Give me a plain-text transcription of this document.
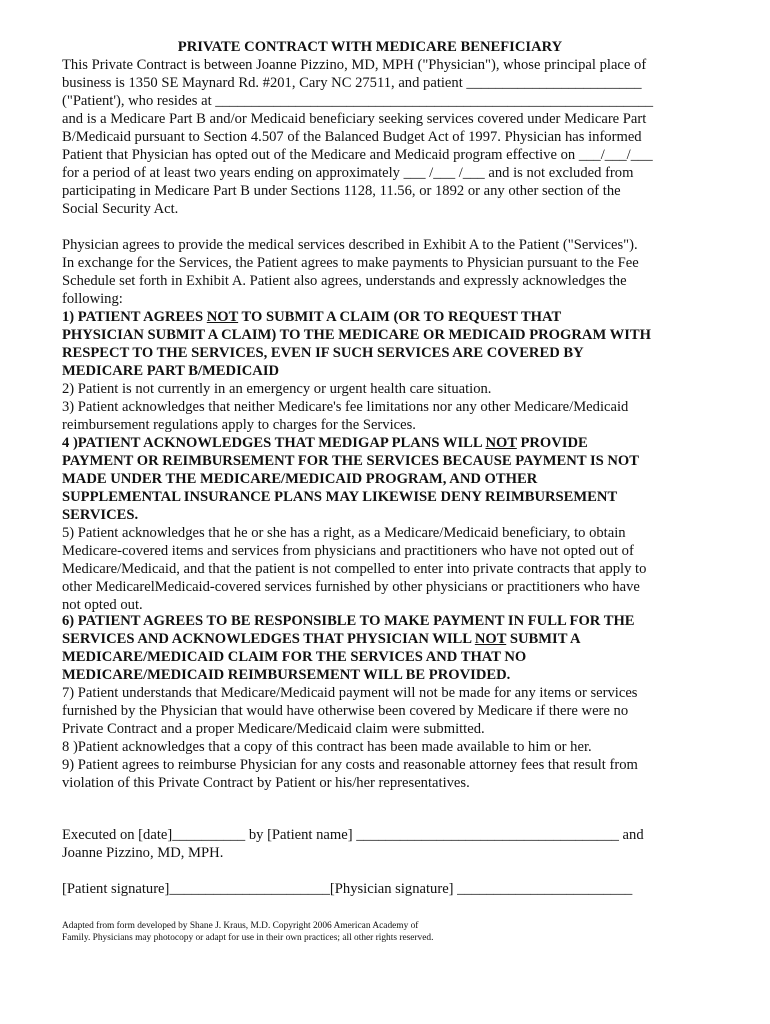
PRIVATE CONTRACT WITH MEDICARE BENEFICIARY
This Private Contract is between Joanne Pizzino, MD, MPH ("Physician"), whose principal place of
business is 1350 SE Maynard Rd. #201, Cary NC 27511, and patient ________________________
("Patient'), who resides at ____________________________________________________________
and is a Medicare Part B and/or Medicaid beneficiary seeking services covered under Medicare Part
B/Medicaid pursuant to Section 4.507 of the Balanced Budget Act of 1997. Physician has informed
Patient that Physician has opted out of the Medicare and Medicaid program effective on ___/___/___
for a period of at least two years ending on approximately ___ /___ /___ and is not excluded from
participating in Medicare Part B under Sections 1128, 11.56, or 1892 or any other section of the
Social Security Act.
Physician agrees to provide the medical services described in Exhibit A to the Patient ("Services").
In exchange for the Services, the Patient agrees to make payments to Physician pursuant to the Fee
Schedule set forth in Exhibit A. Patient also agrees, understands and expressly acknowledges the
following:
1) PATIENT AGREES NOT TO SUBMIT A CLAIM (OR TO REQUEST THAT
PHYSICIAN SUBMIT A CLAIM) TO THE MEDICARE OR MEDICAID PROGRAM WITH
RESPECT TO THE SERVICES, EVEN IF SUCH SERVICES ARE COVERED BY
MEDICARE PART B/MEDICAID
2) Patient is not currently in an emergency or urgent health care situation.
3) Patient acknowledges that neither Medicare's fee limitations nor any other Medicare/Medicaid
reimbursement regulations apply to charges for the Services.
4 )PATIENT ACKNOWLEDGES THAT MEDIGAP PLANS WILL NOT PROVIDE
PAYMENT OR REIMBURSEMENT FOR THE SERVICES BECAUSE PAYMENT IS NOT
MADE UNDER THE MEDICARE/MEDICAID PROGRAM, AND OTHER
SUPPLEMENTAL INSURANCE PLANS MAY LIKEWISE DENY REIMBURSEMENT
SERVICES.
5) Patient acknowledges that he or she has a right, as a Medicare/Medicaid beneficiary, to obtain
Medicare-covered items and services from physicians and practitioners who have not opted out of
Medicare/Medicaid, and that the patient is not compelled to enter into private contracts that apply to
other MedicarelMedicaid-covered services furnished by other physicians or practitioners who have
not opted out.
6) PATIENT AGREES TO BE RESPONSIBLE TO MAKE PAYMENT IN FULL FOR THE
SERVICES AND ACKNOWLEDGES THAT PHYSICIAN WILL NOT SUBMIT A
MEDICARE/MEDICAID CLAIM FOR THE SERVICES AND THAT NO
MEDICARE/MEDICAID REIMBURSEMENT WILL BE PROVIDED.
7) Patient understands that Medicare/Medicaid payment will not be made for any items or services
furnished by the Physician that would have otherwise been covered by Medicare if there were no
Private Contract and a proper Medicare/Medicaid claim were submitted.
8 )Patient acknowledges that a copy of this contract has been made available to him or her.
9) Patient agrees to reimburse Physician for any costs and reasonable attorney fees that result from
violation of this Private Contract by Patient or his/her representatives.
Executed on [date]__________ by [Patient name] ____________________________________ and
Joanne Pizzino, MD, MPH.
[Patient signature]______________________[Physician signature] ________________________
Adapted from form developed by Shane J. Kraus, M.D. Copyright 2006 American Academy of
Family. Physicians may photocopy or adapt for use in their own practices; all other rights reserved.
